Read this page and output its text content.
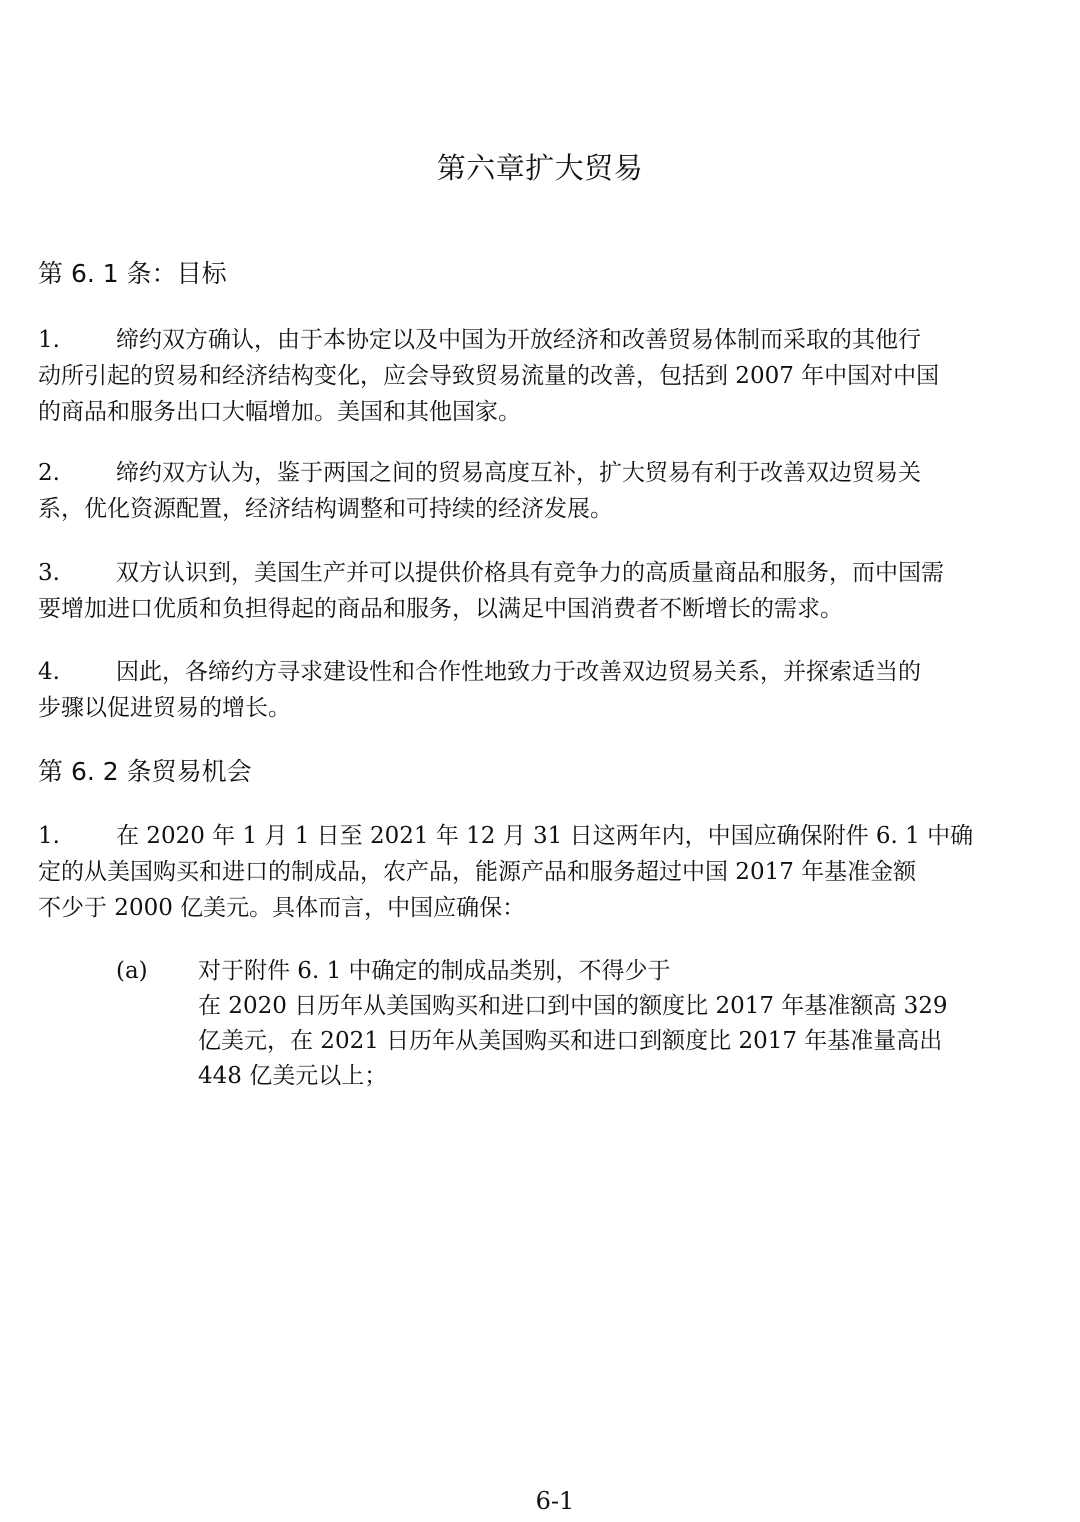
第六章扩大贸易
第 6. 1 条：目标

1. 缔约双方确认，由于本协定以及中国为开放经济和改善贸易体制而采取的其他行
动所引起的贸易和经济结构变化，应会导致贸易流量的改善，包括到 2007 年中国对中国
的商品和服务出口大幅增加。美国和其他国家。

2. 缔约双方认为，鉴于两国之间的贸易高度互补，扩大贸易有利于改善双边贸易关
系，优化资源配置，经济结构调整和可持续的经济发展。

3. 双方认识到，美国生产并可以提供价格具有竞争力的高质量商品和服务，而中国需
要增加进口优质和负担得起的商品和服务，以满足中国消费者不断增长的需求。

4. 因此，各缔约方寻求建设性和合作性地致力于改善双边贸易关系，并探索适当的
步骤以促进贸易的增长。

第 6. 2 条贸易机会

1. 在 2020 年 1 月 1 日至 2021 年 12 月 31 日这两年内，中国应确保附件 6. 1 中确
定的从美国购买和进口的制成品，农产品，能源产品和服务超过中国 2017 年基准金额
不少于 2000 亿美元。具体而言，中国应确保：

(a)	对于附件 6. 1 中确定的制成品类别，不得少于
在 2020 日历年从美国购买和进口到中国的额度比 2017 年基准额高 329
亿美元，在 2021 日历年从美国购买和进口到额度比 2017 年基准量高出
448 亿美元以上；
6-1
